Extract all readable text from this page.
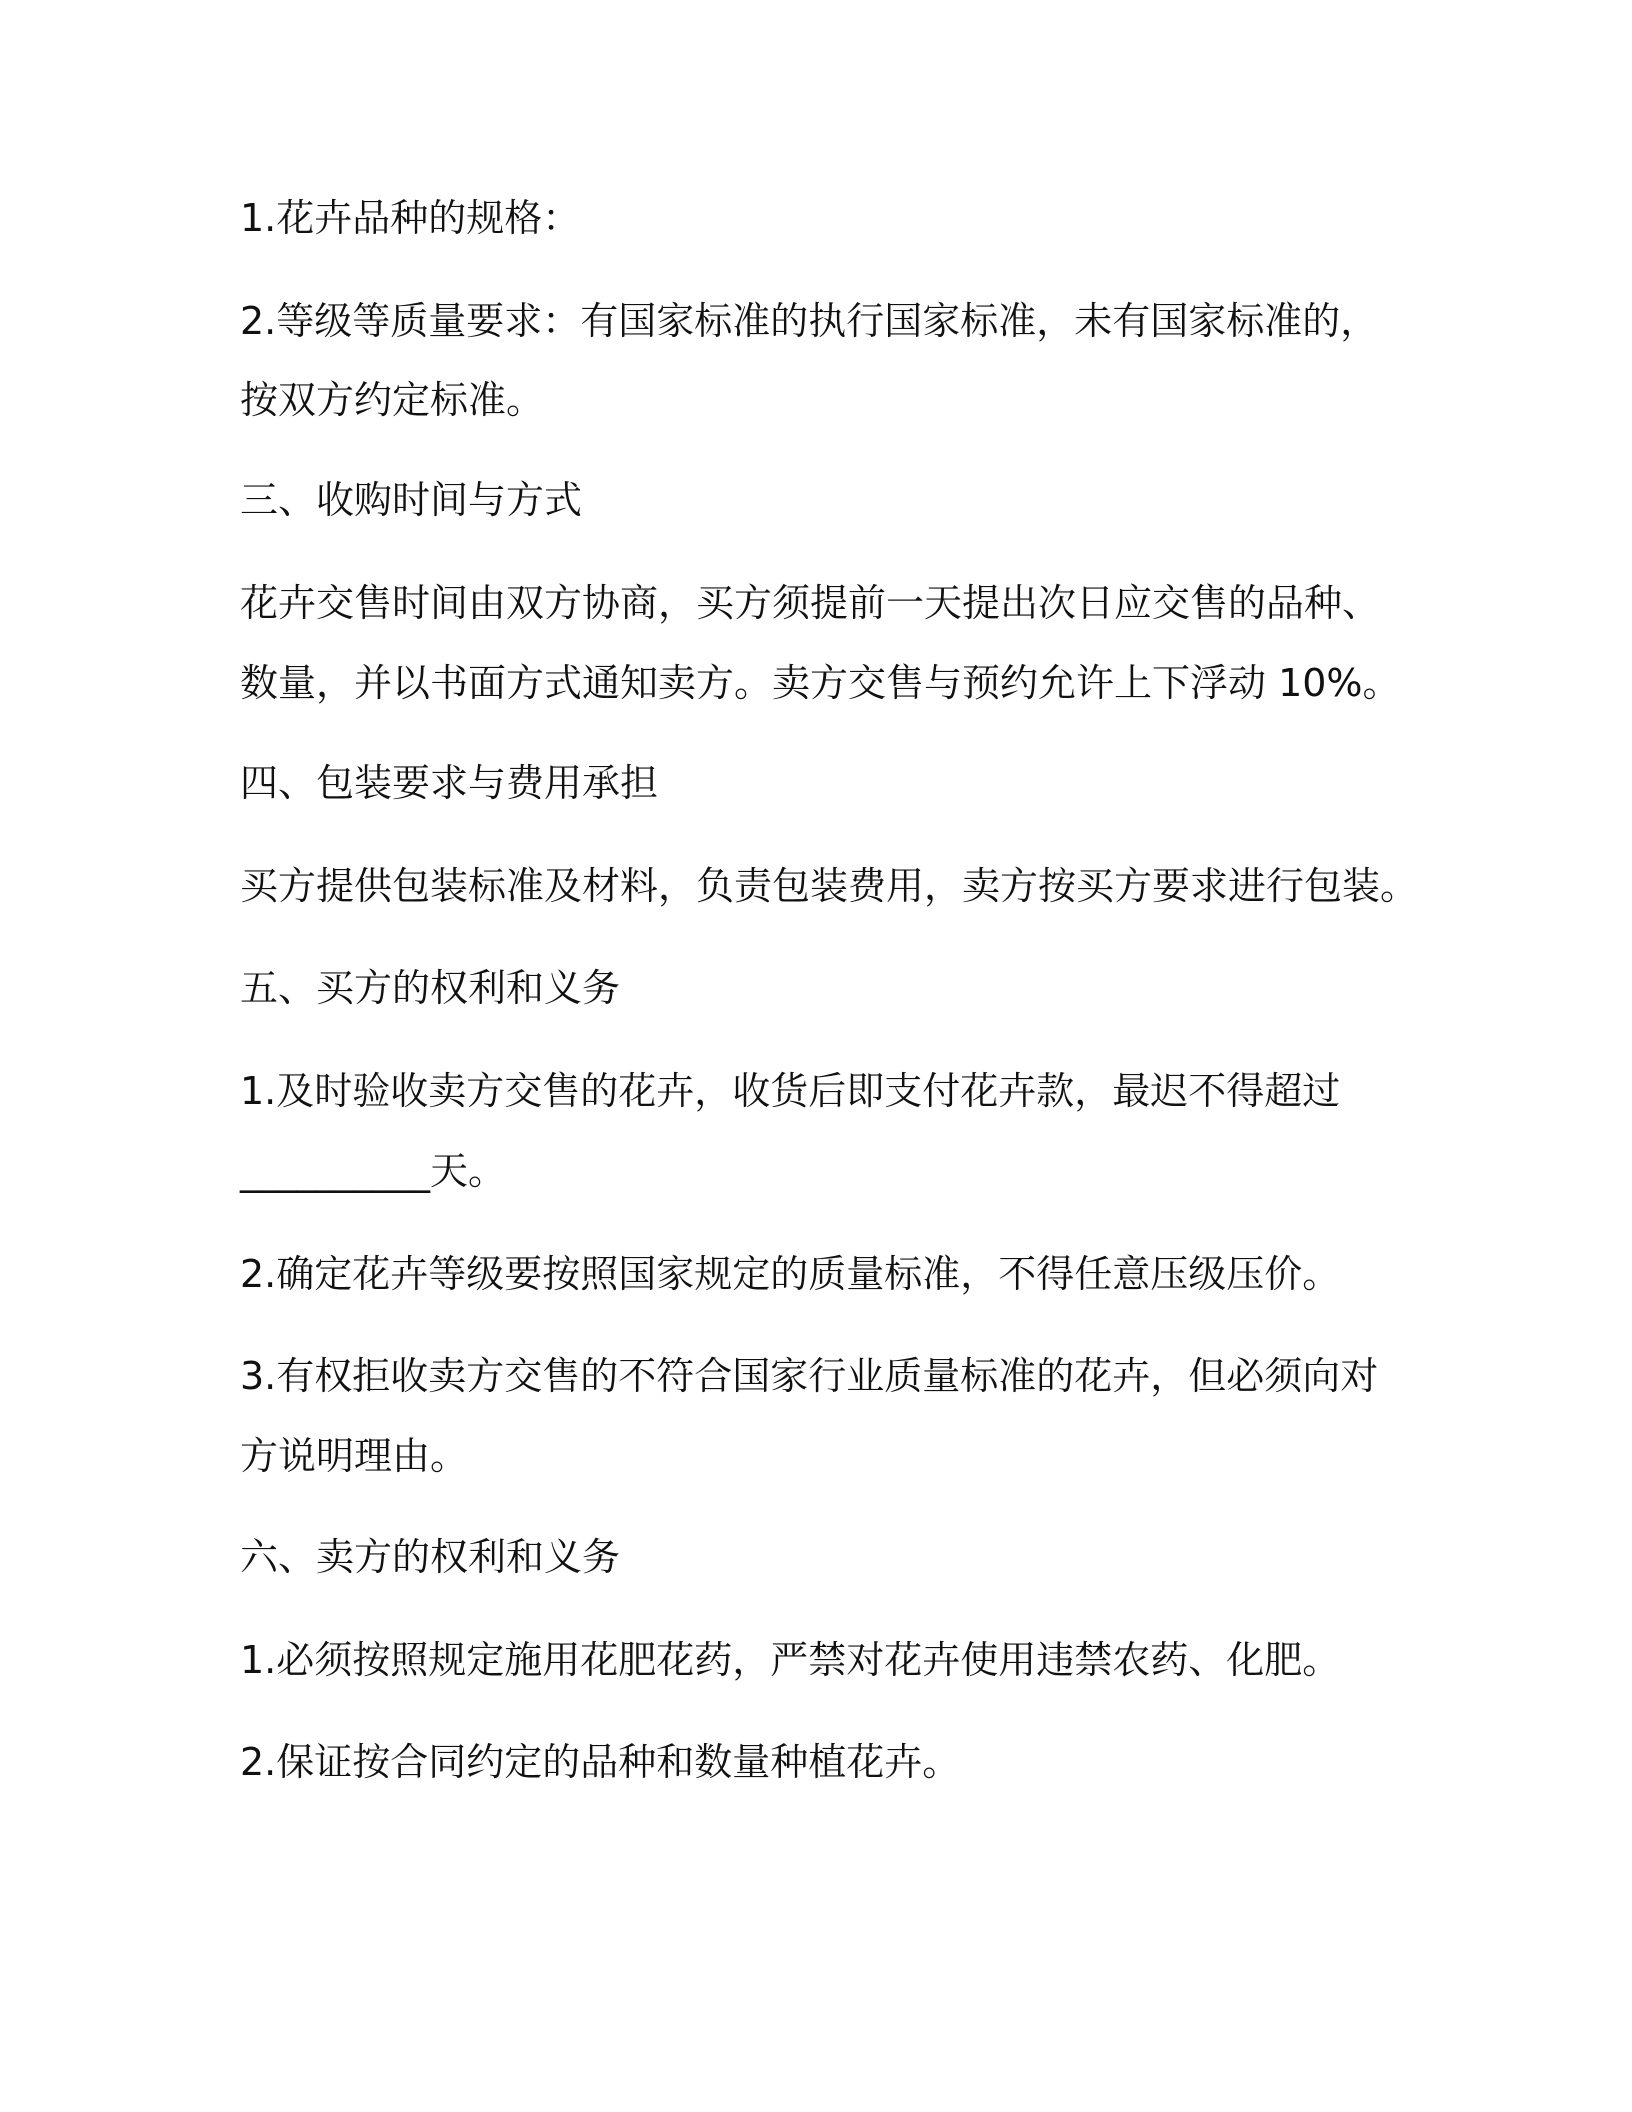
1.花卉品种的规格：
2.等级等质量要求：有国家标准的执行国家标准，未有国家标准的，
按双方约定标准。
三、收购时间与方式
花卉交售时间由双方协商，买方须提前一天提出次日应交售的品种、
数量，并以书面方式通知卖方。卖方交售与预约允许上下浮动 10%。
四、包装要求与费用承担
买方提供包装标准及材料，负责包装费用，卖方按买方要求进行包装。
五、买方的权利和义务
1.及时验收卖方交售的花卉，收货后即支付花卉款，最迟不得超过
__________天。
2.确定花卉等级要按照国家规定的质量标准，不得任意压级压价。
3.有权拒收卖方交售的不符合国家行业质量标准的花卉，但必须向对
方说明理由。
六、卖方的权利和义务
1.必须按照规定施用花肥花药，严禁对花卉使用违禁农药、化肥。
2.保证按合同约定的品种和数量种植花卉。
